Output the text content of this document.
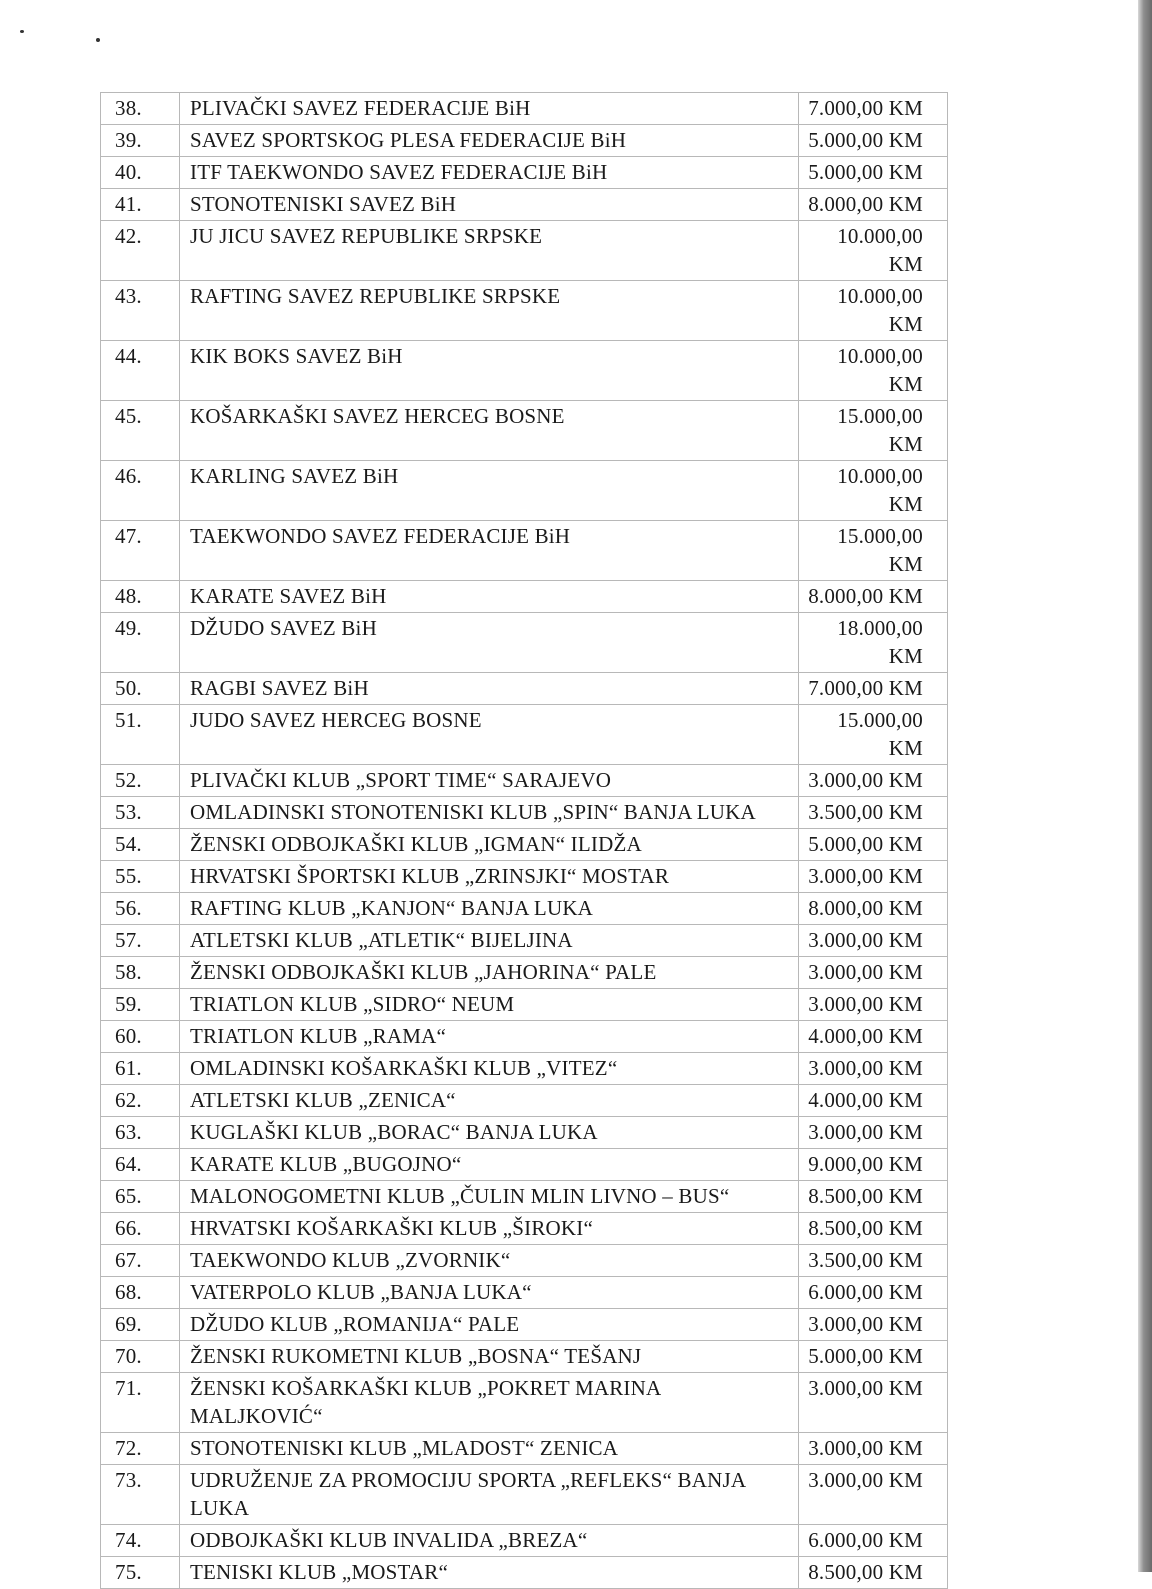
38.	PLIVAČKI SAVEZ FEDERACIJE BiH	7.000,00 KM
39.	SAVEZ SPORTSKOG PLESA FEDERACIJE BiH	5.000,00 KM
40.	ITF TAEKWONDO SAVEZ FEDERACIJE BiH	5.000,00 KM
41.	STONOTENISKI SAVEZ BiH	8.000,00 KM
42.	JU JICU SAVEZ REPUBLIKE SRPSKE	10.000,00 KM
43.	RAFTING SAVEZ REPUBLIKE SRPSKE	10.000,00 KM
44.	KIK BOKS SAVEZ BiH	10.000,00 KM
45.	KOŠARKAŠKI SAVEZ HERCEG BOSNE	15.000,00 KM
46.	KARLING SAVEZ BiH	10.000,00 KM
47.	TAEKWONDO SAVEZ FEDERACIJE BiH	15.000,00 KM
48.	KARATE SAVEZ BiH	8.000,00 KM
49.	DŽUDO SAVEZ BiH	18.000,00 KM
50.	RAGBI SAVEZ BiH	7.000,00 KM
51.	JUDO SAVEZ HERCEG BOSNE	15.000,00 KM
52.	PLIVAČKI KLUB „SPORT TIME“ SARAJEVO	3.000,00 KM
53.	OMLADINSKI STONOTENISKI KLUB „SPIN“ BANJA LUKA	3.500,00 KM
54.	ŽENSKI ODBOJKAŠKI KLUB „IGMAN“ ILIDŽA	5.000,00 KM
55.	HRVATSKI ŠPORTSKI KLUB „ZRINSJKI“ MOSTAR	3.000,00 KM
56.	RAFTING KLUB „KANJON“ BANJA LUKA	8.000,00 KM
57.	ATLETSKI KLUB „ATLETIK“ BIJELJINA	3.000,00 KM
58.	ŽENSKI ODBOJKAŠKI KLUB „JAHORINA“ PALE	3.000,00 KM
59.	TRIATLON KLUB „SIDRO“ NEUM	3.000,00 KM
60.	TRIATLON KLUB „RAMA“	4.000,00 KM
61.	OMLADINSKI KOŠARKAŠKI KLUB „VITEZ“	3.000,00 KM
62.	ATLETSKI KLUB „ZENICA“	4.000,00 KM
63.	KUGLAŠKI KLUB „BORAC“ BANJA LUKA	3.000,00 KM
64.	KARATE KLUB „BUGOJNO“	9.000,00 KM
65.	MALONOGOMETNI KLUB „ČULIN MLIN LIVNO – BUS“	8.500,00 KM
66.	HRVATSKI KOŠARKAŠKI KLUB „ŠIROKI“	8.500,00 KM
67.	TAEKWONDO KLUB „ZVORNIK“	3.500,00 KM
68.	VATERPOLO KLUB „BANJA LUKA“	6.000,00 KM
69.	DŽUDO KLUB „ROMANIJA“ PALE	3.000,00 KM
70.	ŽENSKI RUKOMETNI KLUB „BOSNA“ TEŠANJ	5.000,00 KM
71.	ŽENSKI KOŠARKAŠKI KLUB „POKRET MARINA MALJKOVIĆ“	3.000,00 KM
72.	STONOTENISKI KLUB „MLADOST“ ZENICA	3.000,00 KM
73.	UDRUŽENJE ZA PROMOCIJU SPORTA „REFLEKS“ BANJA LUKA	3.000,00 KM
74.	ODBOJKAŠKI KLUB INVALIDA „BREZA“	6.000,00 KM
75.	TENISKI KLUB „MOSTAR“	8.500,00 KM
